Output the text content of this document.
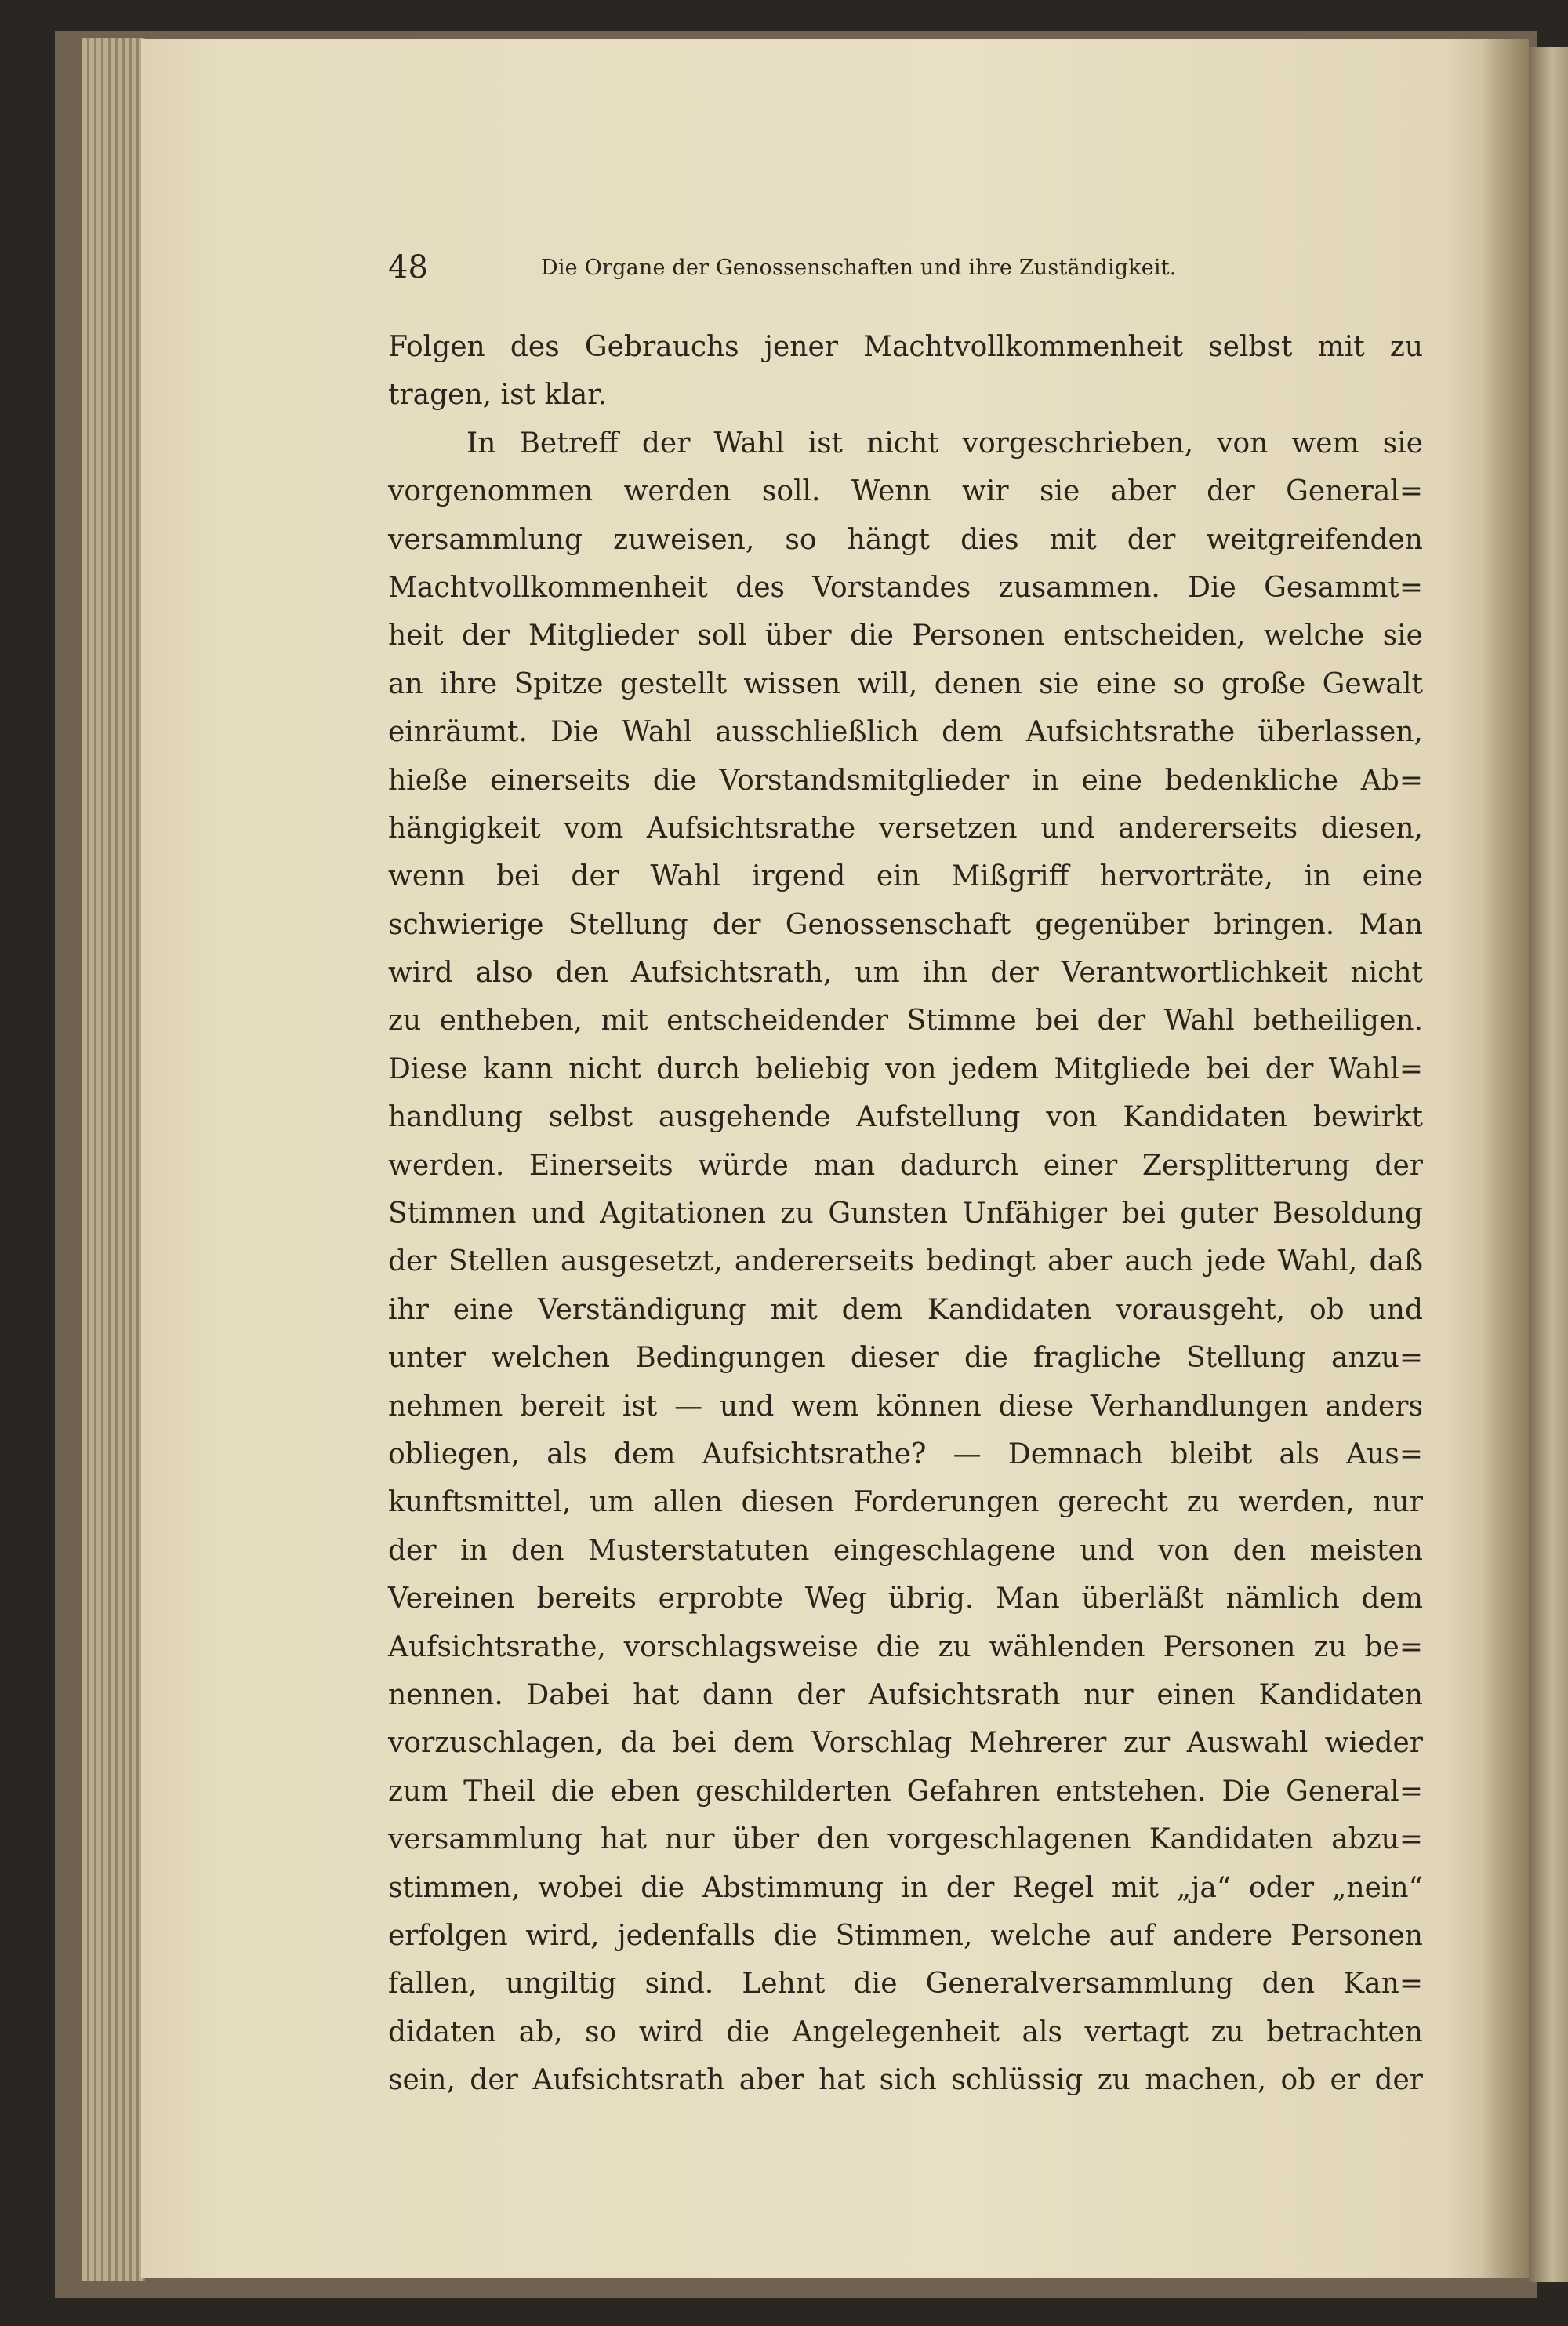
48	Die Organe der Genossenschaften und ihre Zuständigkeit.
Folgen des Gebrauchs jener Machtvollkommenheit selbst mit zu
tragen, ist klar.
In Betreff der Wahl ist nicht vorgeschrieben, von wem sie
vorgenommen werden soll. Wenn wir sie aber der General=
versammlung zuweisen, so hängt dies mit der weitgreifenden
Machtvollkommenheit des Vorstandes zusammen. Die Gesammt=
heit der Mitglieder soll über die Personen entscheiden, welche sie
an ihre Spitze gestellt wissen will, denen sie eine so große Gewalt
einräumt. Die Wahl ausschließlich dem Aufsichtsrathe überlassen,
hieße einerseits die Vorstandsmitglieder in eine bedenkliche Ab=
hängigkeit vom Aufsichtsrathe versetzen und andererseits diesen,
wenn bei der Wahl irgend ein Mißgriff hervorträte, in eine
schwierige Stellung der Genossenschaft gegenüber bringen. Man
wird also den Aufsichtsrath, um ihn der Verantwortlichkeit nicht
zu entheben, mit entscheidender Stimme bei der Wahl betheiligen.
Diese kann nicht durch beliebig von jedem Mitgliede bei der Wahl=
handlung selbst ausgehende Aufstellung von Kandidaten bewirkt
werden. Einerseits würde man dadurch einer Zersplitterung der
Stimmen und Agitationen zu Gunsten Unfähiger bei guter Besoldung
der Stellen ausgesetzt, andererseits bedingt aber auch jede Wahl, daß
ihr eine Verständigung mit dem Kandidaten vorausgeht, ob und
unter welchen Bedingungen dieser die fragliche Stellung anzu=
nehmen bereit ist — und wem können diese Verhandlungen anders
obliegen, als dem Aufsichtsrathe? — Demnach bleibt als Aus=
kunftsmittel, um allen diesen Forderungen gerecht zu werden, nur
der in den Musterstatuten eingeschlagene und von den meisten
Vereinen bereits erprobte Weg übrig. Man überläßt nämlich dem
Aufsichtsrathe, vorschlagsweise die zu wählenden Personen zu be=
nennen. Dabei hat dann der Aufsichtsrath nur einen Kandidaten
vorzuschlagen, da bei dem Vorschlag Mehrerer zur Auswahl wieder
zum Theil die eben geschilderten Gefahren entstehen. Die General=
versammlung hat nur über den vorgeschlagenen Kandidaten abzu=
stimmen, wobei die Abstimmung in der Regel mit „ja“ oder „nein“
erfolgen wird, jedenfalls die Stimmen, welche auf andere Personen
fallen, ungiltig sind. Lehnt die Generalversammlung den Kan=
didaten ab, so wird die Angelegenheit als vertagt zu betrachten
sein, der Aufsichtsrath aber hat sich schlüssig zu machen, ob er der
